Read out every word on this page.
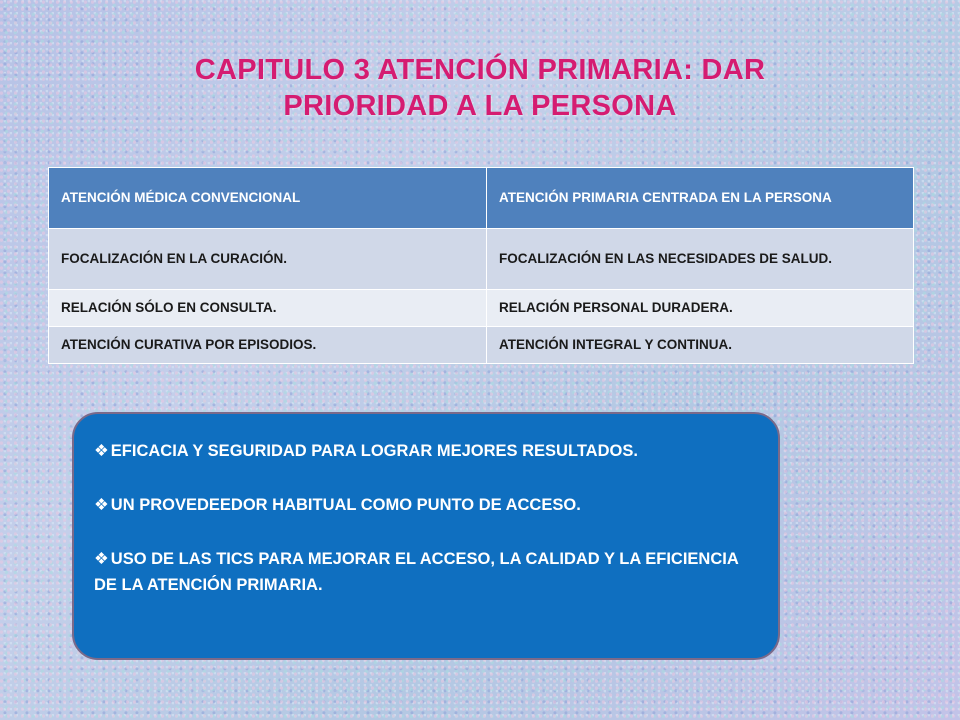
CAPITULO 3 ATENCIÓN PRIMARIA: DAR
PRIORIDAD A LA PERSONA
ATENCIÓN MÉDICA CONVENCIONAL	ATENCIÓN PRIMARIA CENTRADA EN LA PERSONA
FOCALIZACIÓN EN LA CURACIÓN.	FOCALIZACIÓN EN LAS NECESIDADES DE SALUD.
RELACIÓN SÓLO EN CONSULTA.	RELACIÓN PERSONAL DURADERA.
ATENCIÓN CURATIVA POR EPISODIOS.	ATENCIÓN INTEGRAL Y CONTINUA.
❖ EFICACIA Y SEGURIDAD PARA LOGRAR MEJORES RESULTADOS.
❖ UN PROVEDEEDOR HABITUAL COMO PUNTO DE ACCESO.
❖ USO DE LAS TICS PARA MEJORAR EL ACCESO, LA CALIDAD Y LA EFICIENCIA DE LA ATENCIÓN PRIMARIA.
